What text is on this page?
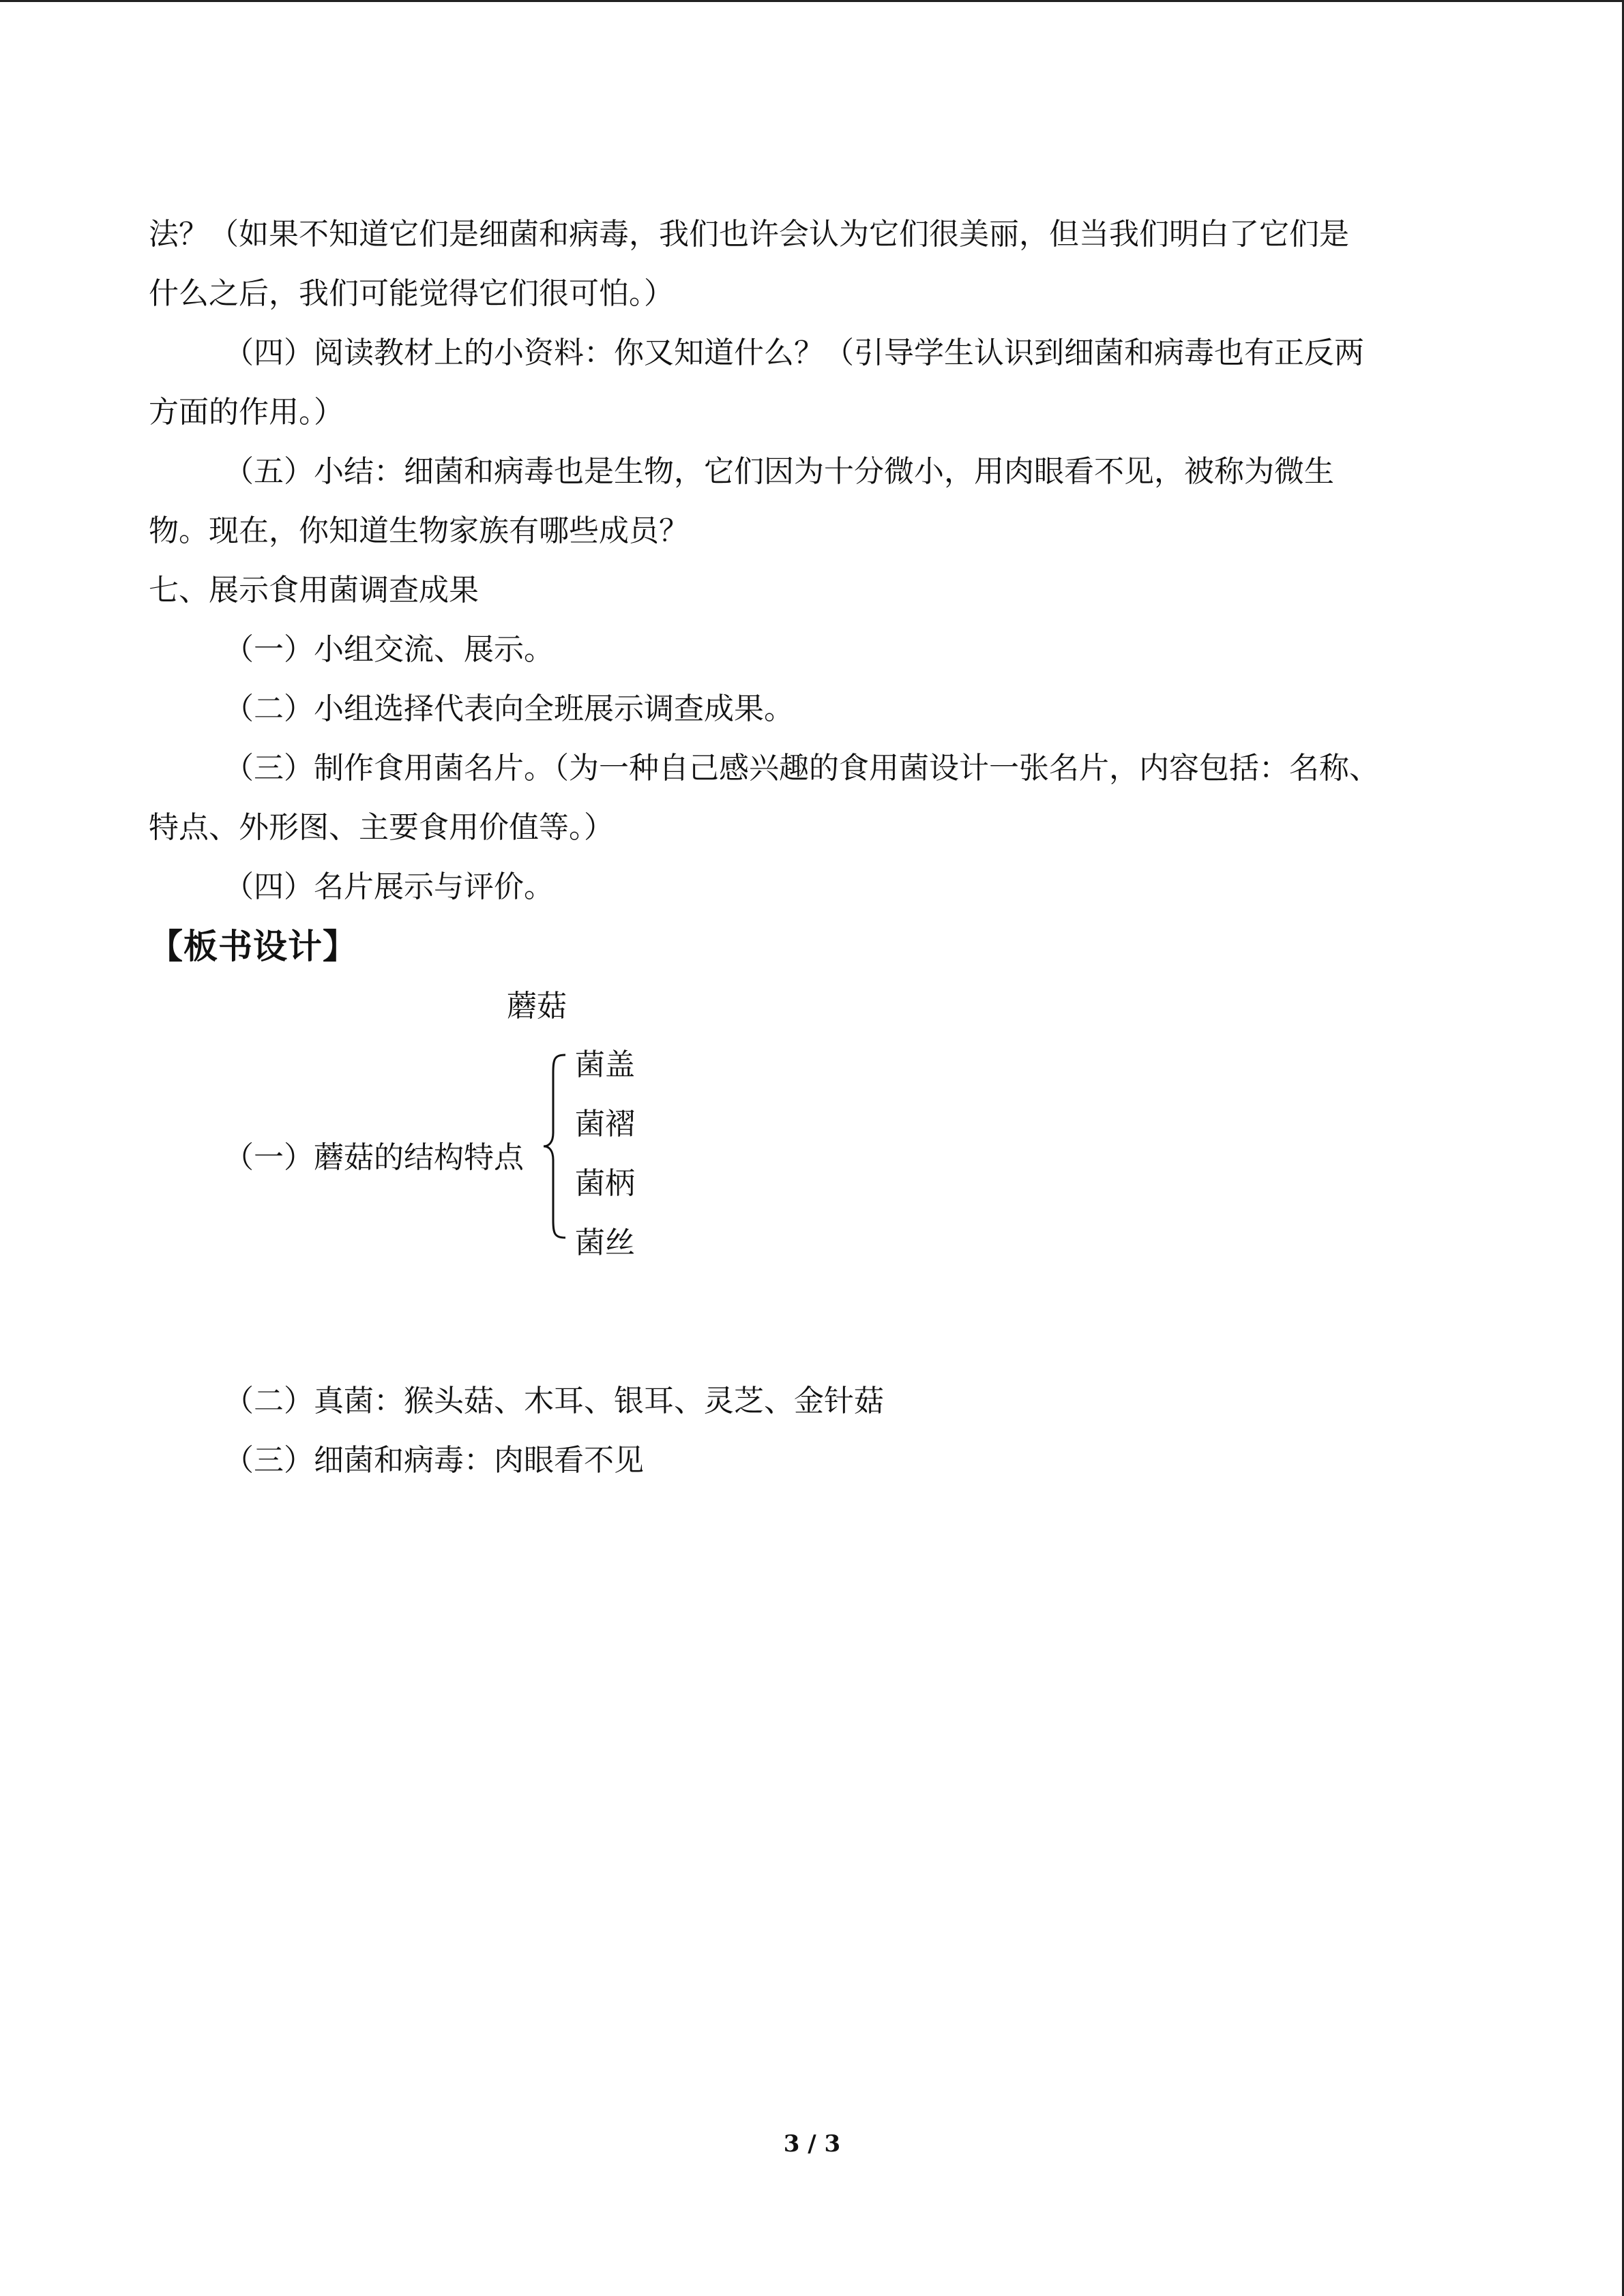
法？（如果不知道它们是细菌和病毒，我们也许会认为它们很美丽，但当我们明白了它们是
什么之后，我们可能觉得它们很可怕。）
（四）阅读教材上的小资料：你又知道什么？（引导学生认识到细菌和病毒也有正反两
方面的作用。）
（五）小结：细菌和病毒也是生物，它们因为十分微小，用肉眼看不见，被称为微生
物。现在，你知道生物家族有哪些成员？
七、展示食用菌调查成果
（一）小组交流、展示。
（二）小组选择代表向全班展示调查成果。
（三）制作食用菌名片。（为一种自己感兴趣的食用菌设计一张名片，内容包括：名称、
特点、外形图、主要食用价值等。）
（四）名片展示与评价。
【板书设计】
蘑菇
（一）蘑菇的结构特点
菌盖
菌褶
菌柄
菌丝
（二）真菌：猴头菇、木耳、银耳、灵芝、金针菇
（三）细菌和病毒：肉眼看不见
3 / 3
